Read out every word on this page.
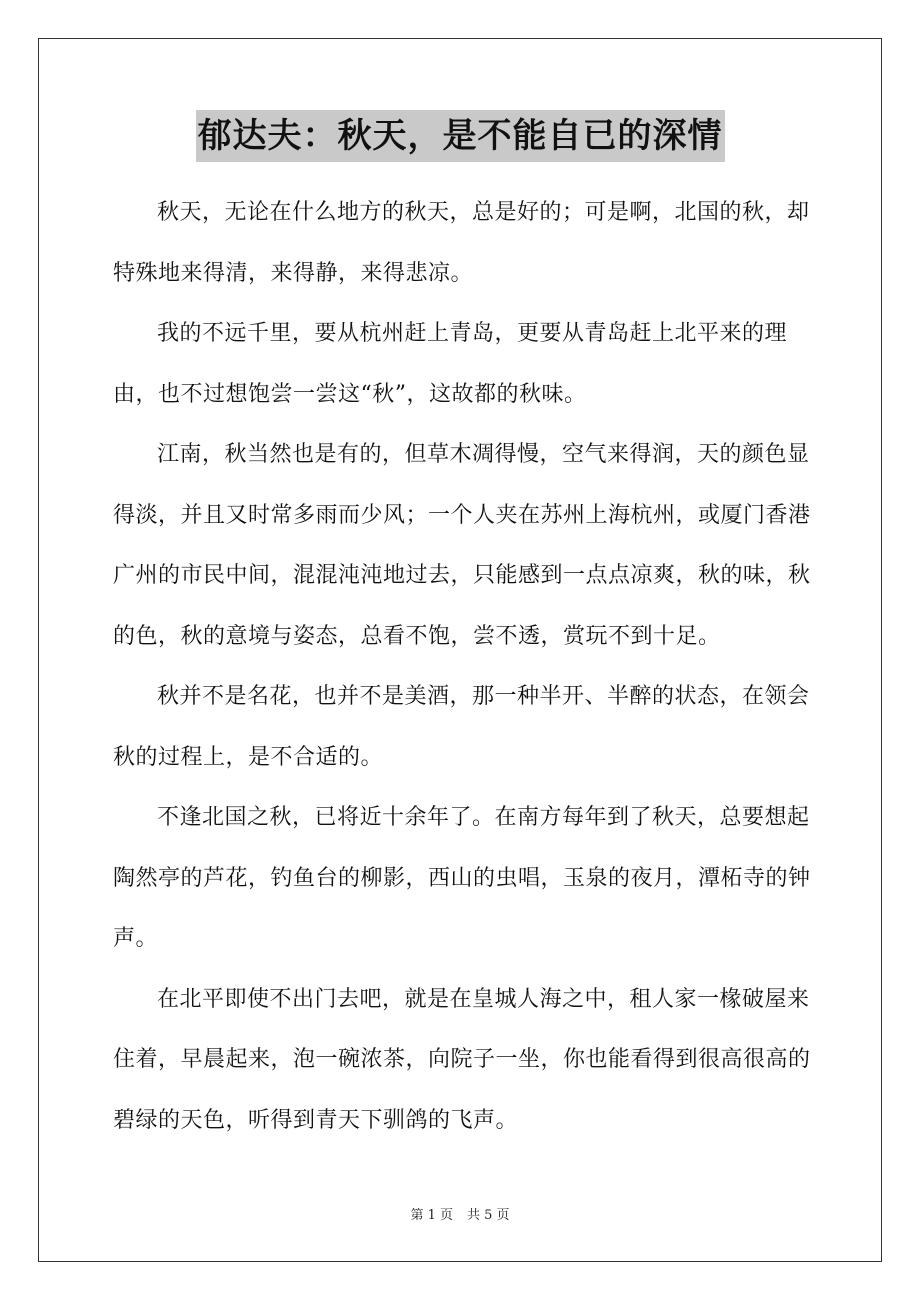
郁达夫：秋天，是不能自已的深情

秋天，无论在什么地方的秋天，总是好的；可是啊，北国的秋，却特殊地来得清，来得静，来得悲凉。

我的不远千里，要从杭州赶上青岛，更要从青岛赶上北平来的理由，也不过想饱尝一尝这“秋”，这故都的秋味。

江南，秋当然也是有的，但草木凋得慢，空气来得润，天的颜色显得淡，并且又时常多雨而少风；一个人夹在苏州上海杭州，或厦门香港广州的市民中间，混混沌沌地过去，只能感到一点点凉爽，秋的味，秋的色，秋的意境与姿态，总看不饱，尝不透，赏玩不到十足。

秋并不是名花，也并不是美酒，那一种半开、半醉的状态，在领会秋的过程上，是不合适的。

不逢北国之秋，已将近十余年了。在南方每年到了秋天，总要想起陶然亭的芦花，钓鱼台的柳影，西山的虫唱，玉泉的夜月，潭柘寺的钟声。

在北平即使不出门去吧，就是在皇城人海之中，租人家一椽破屋来住着，早晨起来，泡一碗浓茶，向院子一坐，你也能看得到很高很高的碧绿的天色，听得到青天下驯鸽的飞声。

第 1 页 共 5 页
